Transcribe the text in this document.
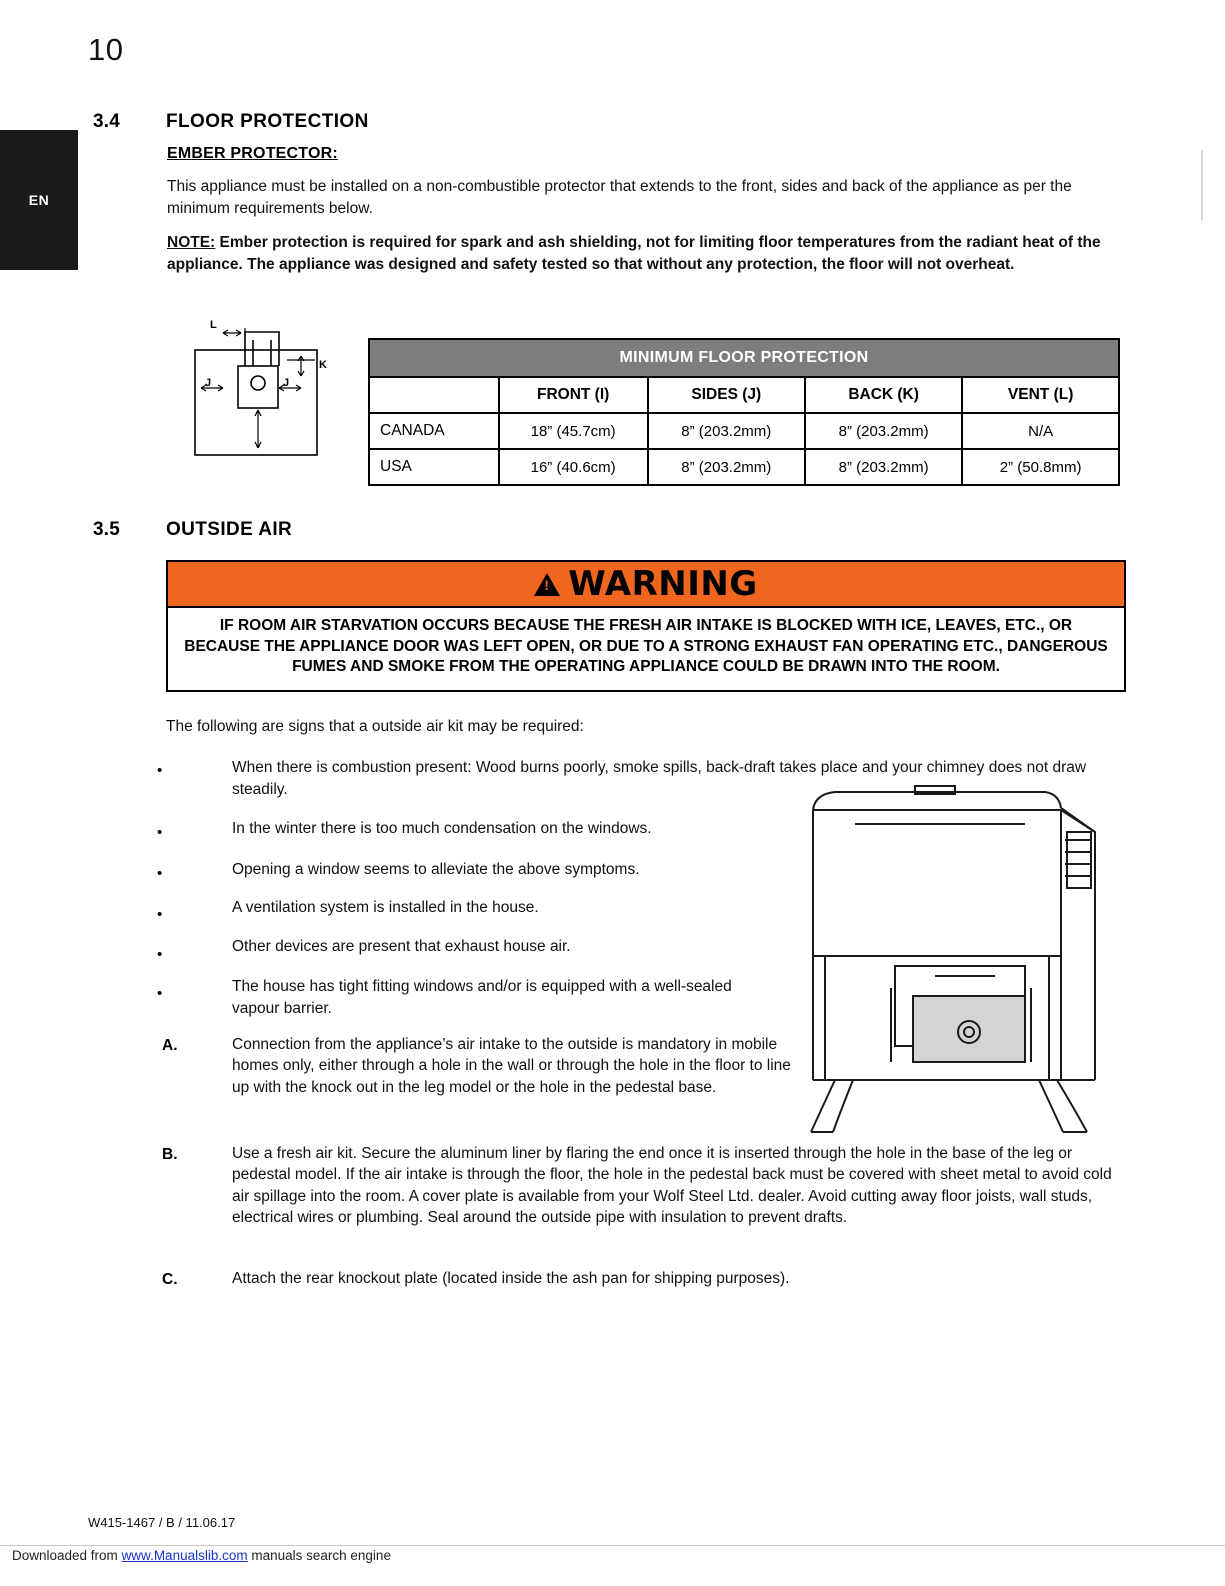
10
EN
3.4 FLOOR PROTECTION
EMBER PROTECTOR:
This appliance must be installed on a non-combustible protector that extends to the front, sides and back of the appliance as per the minimum requirements below.
NOTE: Ember protection is required for spark and ash shielding, not for limiting floor temperatures from the radiant heat of the appliance. The appliance was designed and safety tested so that without any protection, the floor will not overheat.
L
K
J	J
MINIMUM FLOOR PROTECTION				
	FRONT (I)	SIDES (J)	BACK (K)	VENT (L)
CANADA	18” (45.7cm)	8” (203.2mm)	8” (203.2mm)	N/A
USA	16” (40.6cm)	8” (203.2mm)	8” (203.2mm)	2” (50.8mm)
3.5 OUTSIDE AIR
!
WARNING
IF ROOM AIR STARVATION OCCURS BECAUSE THE FRESH AIR INTAKE IS BLOCKED WITH ICE, LEAVES, ETC., OR BECAUSE THE APPLIANCE DOOR WAS LEFT OPEN, OR DUE TO A STRONG EXHAUST FAN OPERATING ETC., DANGEROUS FUMES AND SMOKE FROM THE OPERATING APPLIANCE COULD BE DRAWN INTO THE ROOM.
The following are signs that a outside air kit may be required:
•	When there is combustion present: Wood burns poorly, smoke spills, back-draft takes place and your chimney does not draw steadily.
•	In the winter there is too much condensation on the windows.
•	Opening a window seems to alleviate the above symptoms.
•	A ventilation system is installed in the house.
•	Other devices are present that exhaust house air.
•	The house has tight fitting windows and/or is equipped with a well-sealed vapour barrier.
A.	Connection from the appliance’s air intake to the outside is mandatory in mobile homes only, either through a hole in the wall or through the hole in the floor to line up with the knock out in the leg model or the hole in the pedestal base.
B.	Use a fresh air kit. Secure the aluminum liner by flaring the end once it is inserted through the hole in the base of the leg or pedestal model. If the air intake is through the floor, the hole in the pedestal back must be covered with sheet metal to avoid cold air spillage into the room. A cover plate is available from your Wolf Steel Ltd. dealer. Avoid cutting away floor joists, wall studs, electrical wires or plumbing. Seal around the outside pipe with insulation to prevent drafts.
C.	Attach the rear knockout plate (located inside the ash pan for shipping purposes).
W415-1467 / B / 11.06.17
Downloaded from www.Manualslib.com manuals search engine
